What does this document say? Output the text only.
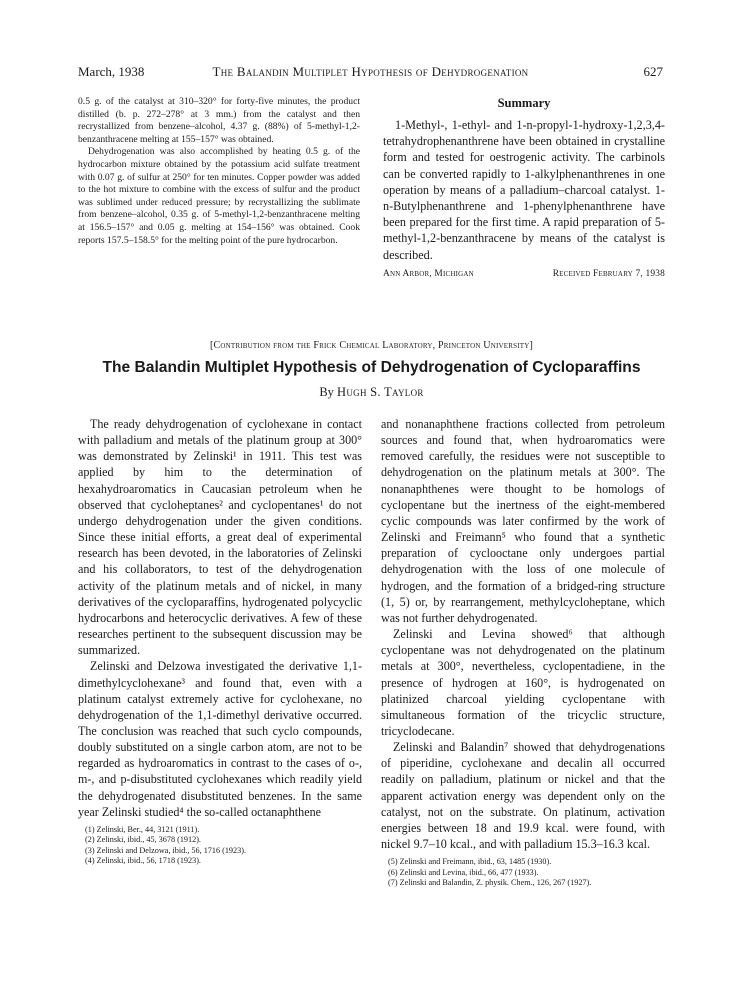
March, 1938	The Balandin Multiplet Hypothesis of Dehydrogenation	627

0.5 g. of the catalyst at 310–320° for forty-five minutes, the product distilled (b. p. 272–278° at 3 mm.) from the catalyst and then recrystallized from benzene–alcohol, 4.37 g. (88%) of 5-methyl-1,2-benzanthracene melting at 155–157° was obtained.

Dehydrogenation was also accomplished by heating 0.5 g. of the hydrocarbon mixture obtained by the potassium acid sulfate treatment with 0.07 g. of sulfur at 250° for ten minutes. Copper powder was added to the hot mixture to combine with the excess of sulfur and the product was sublimed under reduced pressure; by recrystallizing the sublimate from benzene–alcohol, 0.35 g. of 5-methyl-1,2-benzanthracene melting at 156.5–157° and 0.05 g. melting at 154–156° was obtained. Cook reports 157.5–158.5° for the melting point of the pure hydrocarbon.

Summary

1-Methyl-, 1-ethyl- and 1-n-propyl-1-hydroxy-1,2,3,4-tetrahydrophenanthrene have been obtained in crystalline form and tested for oestrogenic activity. The carbinols can be converted rapidly to 1-alkylphenanthrenes in one operation by means of a palladium–charcoal catalyst. 1-n-Butylphenanthrene and 1-phenylphenanthrene have been prepared for the first time. A rapid preparation of 5-methyl-1,2-benzanthracene by means of the catalyst is described.

Ann Arbor, Michigan	Received February 7, 1938
[Contribution from the Frick Chemical Laboratory, Princeton University]
The Balandin Multiplet Hypothesis of Dehydrogenation of Cycloparaffins
By Hugh S. Taylor

The ready dehydrogenation of cyclohexane in contact with palladium and metals of the platinum group at 300° was demonstrated by Zelinski¹ in 1911. This test was applied by him to the determination of hexahydroaromatics in Caucasian petroleum when he observed that cycloheptanes² and cyclopentanes¹ do not undergo dehydrogenation under the given conditions. Since these initial efforts, a great deal of experimental research has been devoted, in the laboratories of Zelinski and his collaborators, to test of the dehydrogenation activity of the platinum metals and of nickel, in many derivatives of the cycloparaffins, hydrogenated polycyclic hydrocarbons and heterocyclic derivatives. A few of these researches pertinent to the subsequent discussion may be summarized.

Zelinski and Delzowa investigated the derivative 1,1-dimethylcyclohexane³ and found that, even with a platinum catalyst extremely active for cyclohexane, no dehydrogenation of the 1,1-dimethyl derivative occurred. The conclusion was reached that such cyclo compounds, doubly substituted on a single carbon atom, are not to be regarded as hydroaromatics in contrast to the cases of o-, m-, and p-disubstituted cyclohexanes which readily yield the dehydrogenated disubstituted benzenes. In the same year Zelinski studied⁴ the so-called octanaphthene

(1) Zelinski, Ber., 44, 3121 (1911).
(2) Zelinski, ibid., 45, 3678 (1912).
(3) Zelinski and Delzowa, ibid., 56, 1716 (1923).
(4) Zelinski, ibid., 56, 1718 (1923).

and nonanaphthene fractions collected from petroleum sources and found that, when hydroaromatics were removed carefully, the residues were not susceptible to dehydrogenation on the platinum metals at 300°. The nonanaphthenes were thought to be homologs of cyclopentane but the inertness of the eight-membered cyclic compounds was later confirmed by the work of Zelinski and Freimann⁵ who found that a synthetic preparation of cyclooctane only undergoes partial dehydrogenation with the loss of one molecule of hydrogen, and the formation of a bridged-ring structure (1, 5) or, by rearrangement, methylcycloheptane, which was not further dehydrogenated.

Zelinski and Levina showed⁶ that although cyclopentane was not dehydrogenated on the platinum metals at 300°, nevertheless, cyclopentadiene, in the presence of hydrogen at 160°, is hydrogenated on platinized charcoal yielding cyclopentane with simultaneous formation of the tricyclic structure, tricyclodecane.

Zelinski and Balandin⁷ showed that dehydrogenations of piperidine, cyclohexane and decalin all occurred readily on palladium, platinum or nickel and that the apparent activation energy was dependent only on the catalyst, not on the substrate. On platinum, activation energies between 18 and 19.9 kcal. were found, with nickel 9.7–10 kcal., and with palladium 15.3–16.3 kcal.

(5) Zelinski and Freimann, ibid., 63, 1485 (1930).
(6) Zelinski and Levina, ibid., 66, 477 (1933).
(7) Zelinski and Balandin, Z. physik. Chem., 126, 267 (1927).
